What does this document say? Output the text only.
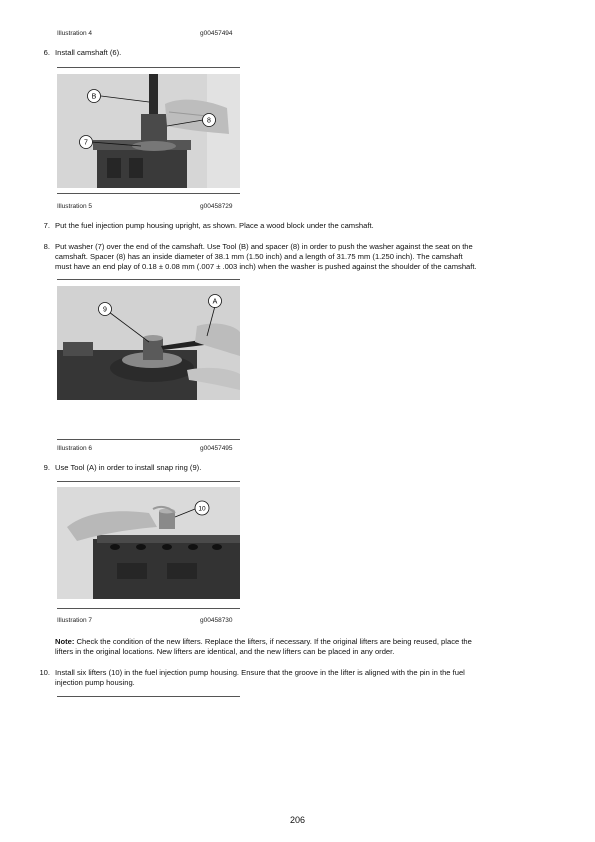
Illustration 4	g00457494
6. Install camshaft (6).
B
8
7
Illustration 5	g00458729
7. Put the fuel injection pump housing upright, as shown. Place a wood block under the camshaft.
8. Put washer (7) over the end of the camshaft. Use Tool (B) and spacer (8) in order to push the washer against the seat on the
camshaft. Spacer (8) has an inside diameter of 38.1 mm (1.50 inch) and a length of 31.75 mm (1.250 inch). The camshaft
must have an end play of 0.18 ± 0.08 mm (.007 ± .003 inch) when the washer is pushed against the shoulder of the camshaft.
A
9
Illustration 6	g00457495
9. Use Tool (A) in order to install snap ring (9).
10
Illustration 7	g00458730
Note: Check the condition of the new lifters. Replace the lifters, if necessary. If the original lifters are being reused, place the
lifters in the original locations. New lifters are identical, and the new lifters can be placed in any order.
10. Install six lifters (10) in the fuel injection pump housing. Ensure that the groove in the lifter is aligned with the pin in the fuel
injection pump housing.
206
